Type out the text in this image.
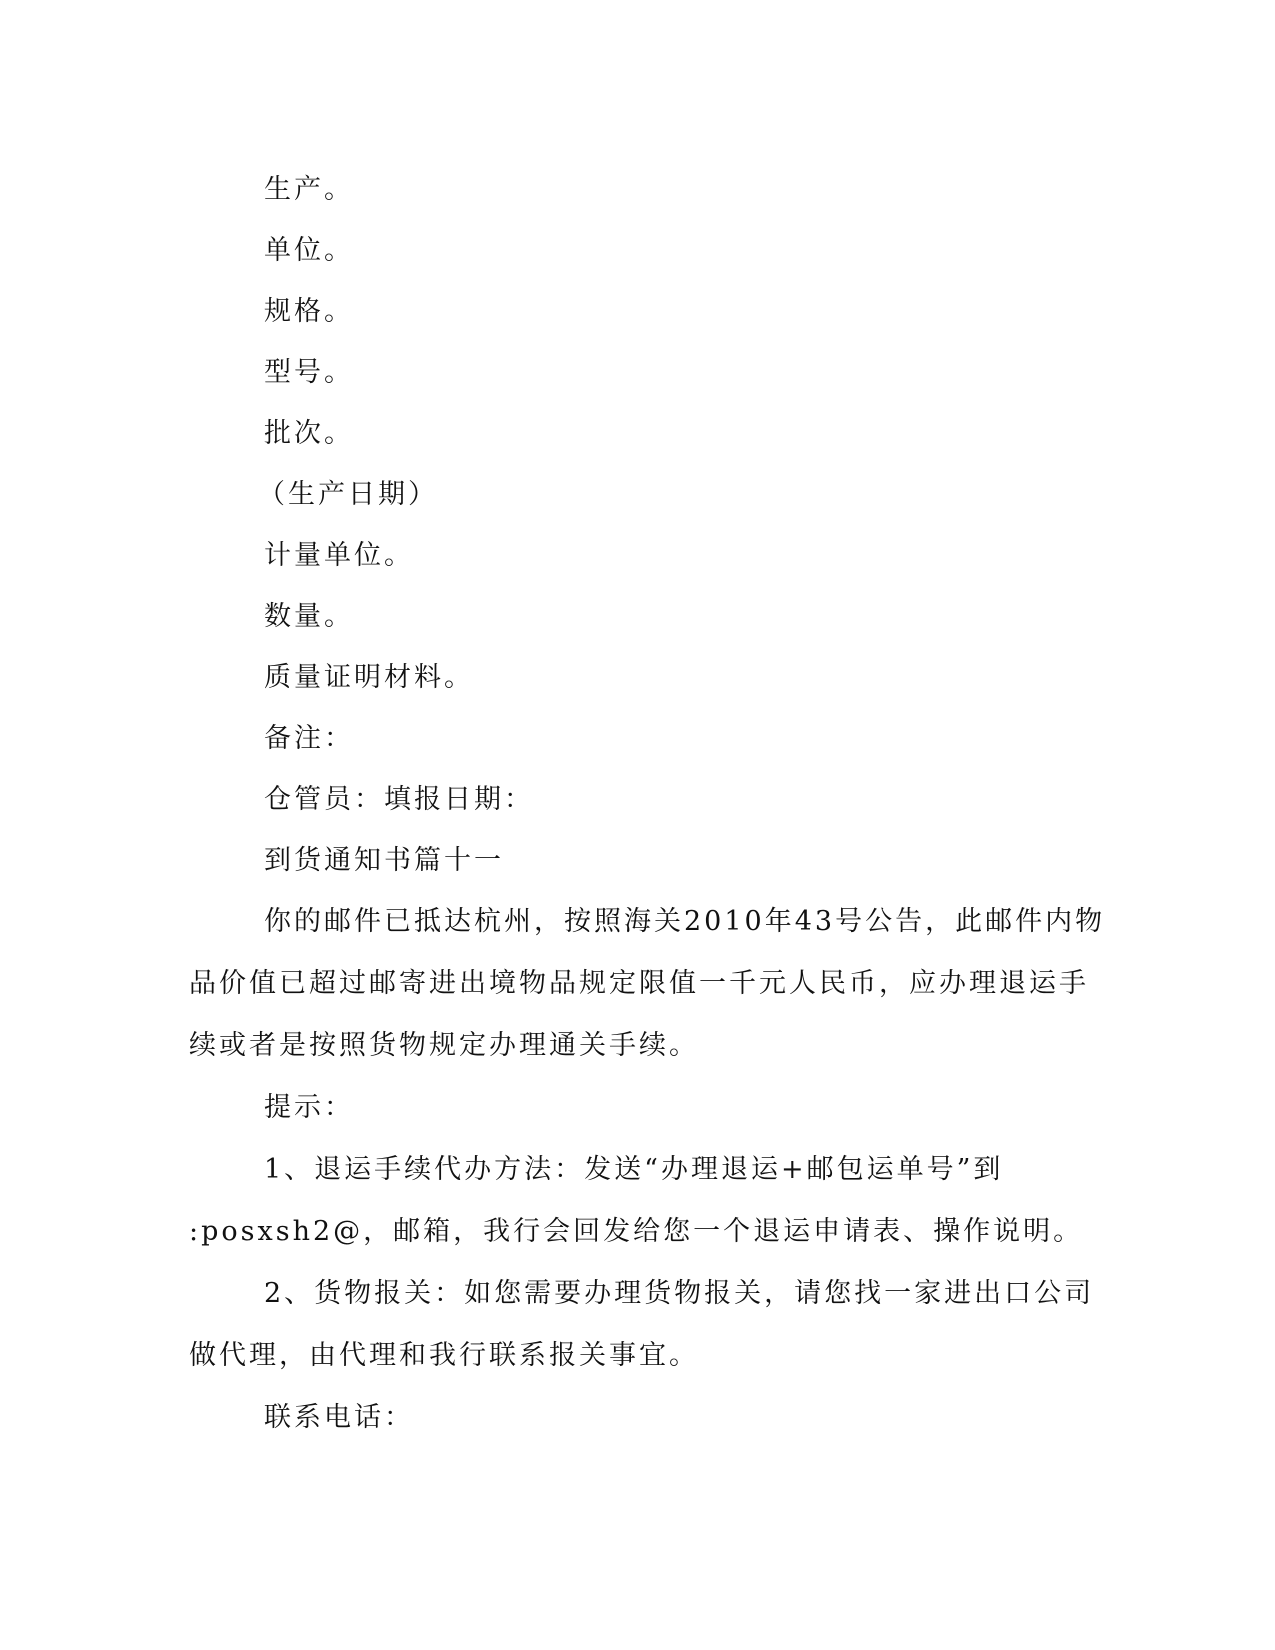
生产。
单位。
规格。
型号。
批次。
（生产日期）
计量单位。
数量。
质量证明材料。
备注：
仓管员：填报日期：
到货通知书篇十一
你的邮件已抵达杭州，按照海关2010年43号公告，此邮件内物
品价值已超过邮寄进出境物品规定限值一千元人民币，应办理退运手
续或者是按照货物规定办理通关手续。
提示：
1、退运手续代办方法：发送“办理退运+邮包运单号”到
:posxsh2@，邮箱，我行会回发给您一个退运申请表、操作说明。
2、货物报关：如您需要办理货物报关，请您找一家进出口公司
做代理，由代理和我行联系报关事宜。
联系电话：
